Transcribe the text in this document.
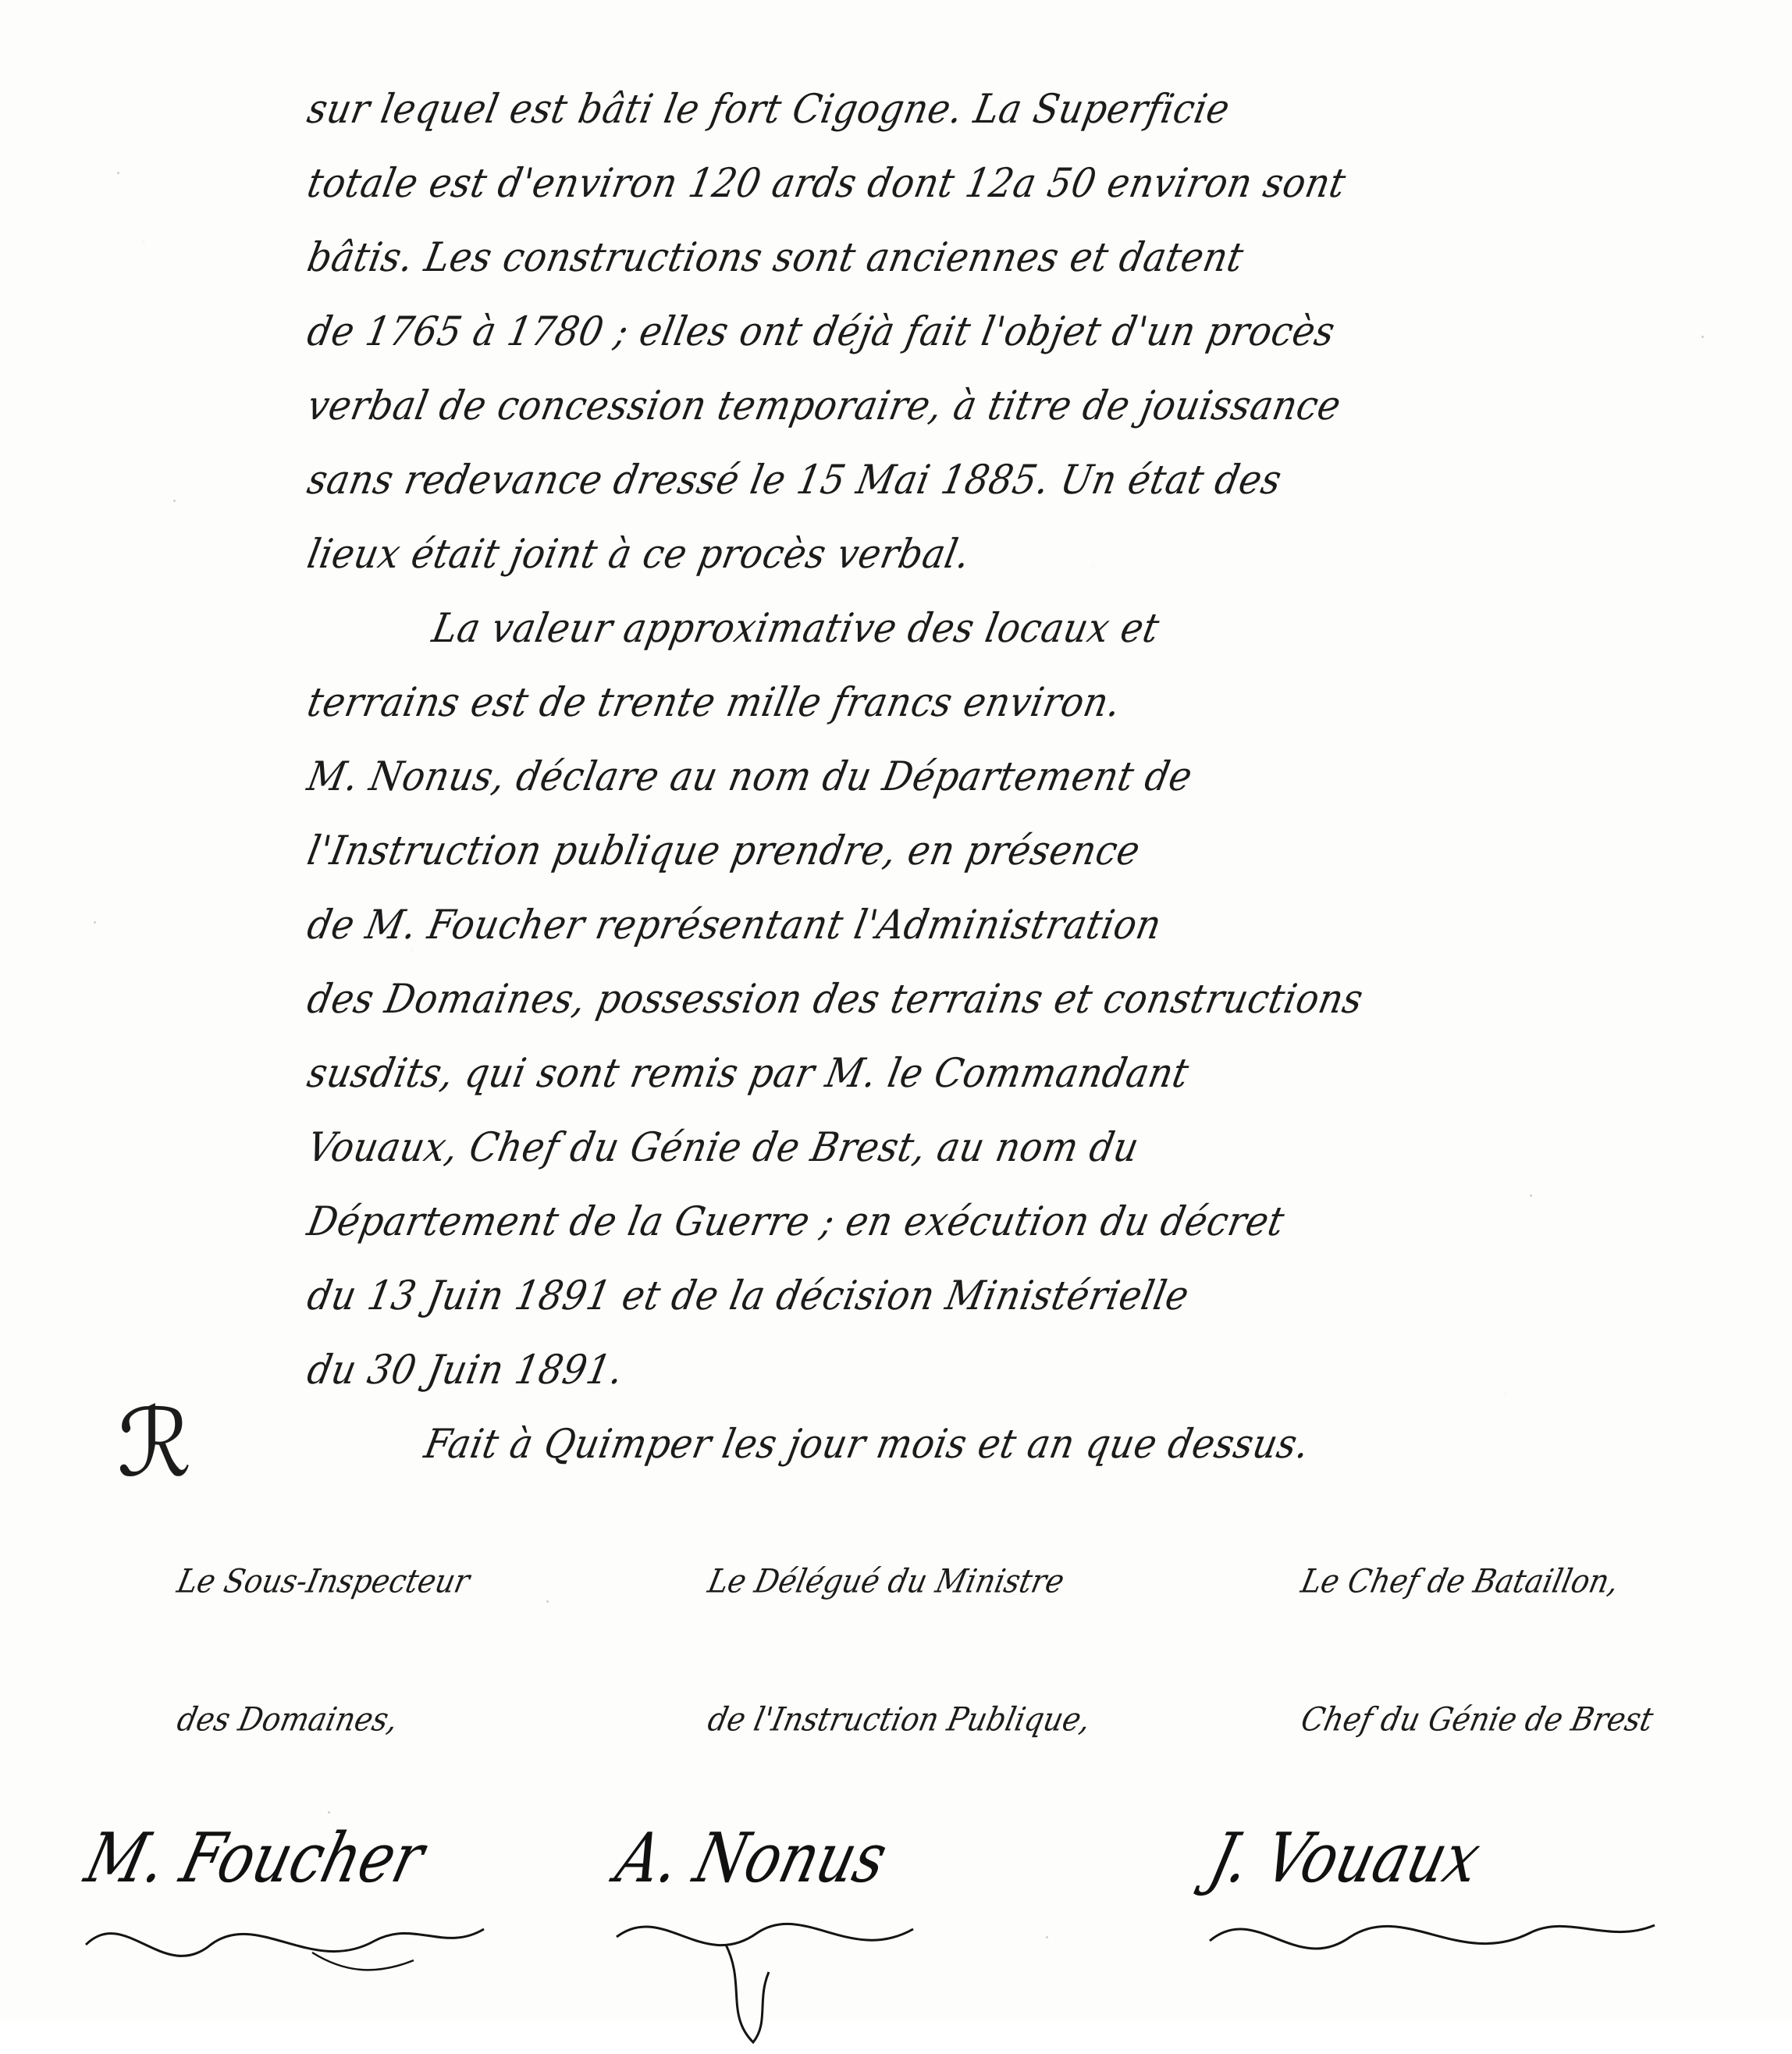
sur lequel est bâti le fort Cigogne. La Superficie
totale est d'environ 120 ards dont 12a 50 environ sont
bâtis. Les constructions sont anciennes et datent
de 1765 à 1780 ; elles ont déjà fait l'objet d'un procès
verbal de concession temporaire, à titre de jouissance
sans redevance dressé le 15 Mai 1885. Un état des
lieux était joint à ce procès verbal.
La valeur approximative des locaux et
terrains est de trente mille francs environ.
M. Nonus, déclare au nom du Département de
l'Instruction publique prendre, en présence
de M. Foucher représentant l'Administration
des Domaines, possession des terrains et constructions
susdits, qui sont remis par M. le Commandant
Vouaux, Chef du Génie de Brest, au nom du
Département de la Guerre ; en exécution du décret
du 13 Juin 1891 et de la décision Ministérielle
du 30 Juin 1891.
Fait à Quimper les jour mois et an que dessus.
ℛ

Le Sous-Inspecteur

des Domaines,

M. Foucher

Le Délégué du Ministre

de l'Instruction Publique,

A. Nonus

Le Chef de Bataillon,

Chef du Génie de Brest

J. Vouaux
